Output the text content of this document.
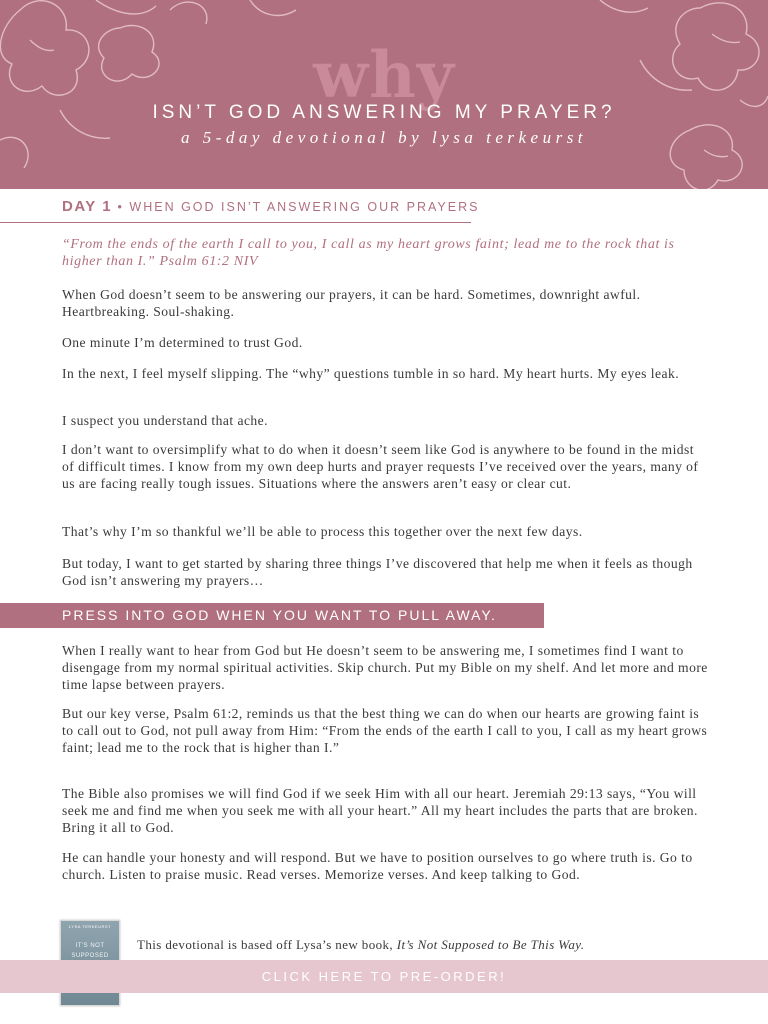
why
ISN’T GOD ANSWERING MY PRAYER?
a 5-day devotional by lysa terkeurst
DAY 1 • WHEN GOD ISN’T ANSWERING OUR PRAYERS
“From the ends of the earth I call to you, I call as my heart grows faint; lead me to the rock that is higher than I.” Psalm 61:2 NIV
When God doesn’t seem to be answering our prayers, it can be hard. Sometimes, downright awful. Heartbreaking. Soul-shaking.
One minute I’m determined to trust God.
In the next, I feel myself slipping. The “why” questions tumble in so hard. My heart hurts. My eyes leak.
I suspect you understand that ache.
I don’t want to oversimplify what to do when it doesn’t seem like God is anywhere to be found in the midst of difficult times. I know from my own deep hurts and prayer requests I’ve received over the years, many of us are facing really tough issues. Situations where the answers aren’t easy or clear cut.
That’s why I’m so thankful we’ll be able to process this together over the next few days.
But today, I want to get started by sharing three things I’ve discovered that help me when it feels as though God isn’t answering my prayers…
PRESS INTO GOD WHEN YOU WANT TO PULL AWAY.
When I really want to hear from God but He doesn’t seem to be answering me, I sometimes find I want to disengage from my normal spiritual activities. Skip church. Put my Bible on my shelf. And let more and more time lapse between prayers.
But our key verse, Psalm 61:2, reminds us that the best thing we can do when our hearts are growing faint is to call out to God, not pull away from Him: “From the ends of the earth I call to you, I call as my heart grows faint; lead me to the rock that is higher than I.”
The Bible also promises we will find God if we seek Him with all our heart. Jeremiah 29:13 says, “You will seek me and find me when you seek me with all your heart.” All my heart includes the parts that are broken. Bring it all to God.
He can handle your honesty and will respond. But we have to position ourselves to go where truth is. Go to church. Listen to praise music. Read verses. Memorize verses. And keep talking to God.
LYSA TERKEURST
IT’S NOT
SUPPOSED
This devotional is based off Lysa’s new book, It’s Not Supposed to Be This Way.
CLICK HERE TO PRE-ORDER!
